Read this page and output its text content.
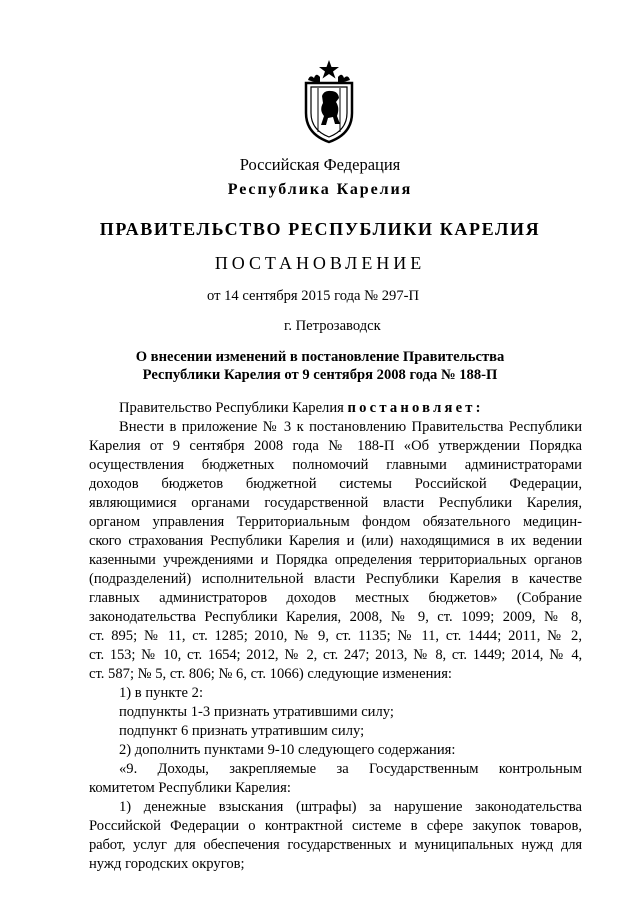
Российская Федерация
Республика Карелия
ПРАВИТЕЛЬСТВО РЕСПУБЛИКИ КАРЕЛИЯ
ПОСТАНОВЛЕНИЕ
от 14 сентября 2015 года № 297-П
г. Петрозаводск
О внесении изменений в постановление Правительства
Республики Карелия от 9 сентября 2008 года № 188-П
Правительство Республики Карелия постановляет:
Внести в приложение № 3 к постановлению Правительства Республики
Карелия от 9 сентября 2008 года № 188-П «Об утверждении Порядка
осуществления бюджетных полномочий главными администраторами
доходов бюджетов бюджетной системы Российской Федерации,
являющимися органами государственной власти Республики Карелия,
органом управления Территориальным фондом обязательного медицин-
ского страхования Республики Карелия и (или) находящимися в их ведении
казенными учреждениями и Порядка определения территориальных органов
(подразделений) исполнительной власти Республики Карелия в качестве
главных администраторов доходов местных бюджетов» (Собрание
законодательства Республики Карелия, 2008, № 9, ст. 1099; 2009, № 8,
ст. 895; № 11, ст. 1285; 2010, № 9, ст. 1135; № 11, ст. 1444; 2011, № 2,
ст. 153; № 10, ст. 1654; 2012, № 2, ст. 247; 2013, № 8, ст. 1449; 2014, № 4,
ст. 587; № 5, ст. 806; № 6, ст. 1066) следующие изменения:
1) в пункте 2:
подпункты 1-3 признать утратившими силу;
подпункт 6 признать утратившим силу;
2) дополнить пунктами 9-10 следующего содержания:
«9. Доходы, закрепляемые за Государственным контрольным
комитетом Республики Карелия:
1) денежные взыскания (штрафы) за нарушение законодательства
Российской Федерации о контрактной системе в сфере закупок товаров,
работ, услуг для обеспечения государственных и муниципальных нужд для
нужд городских округов;
